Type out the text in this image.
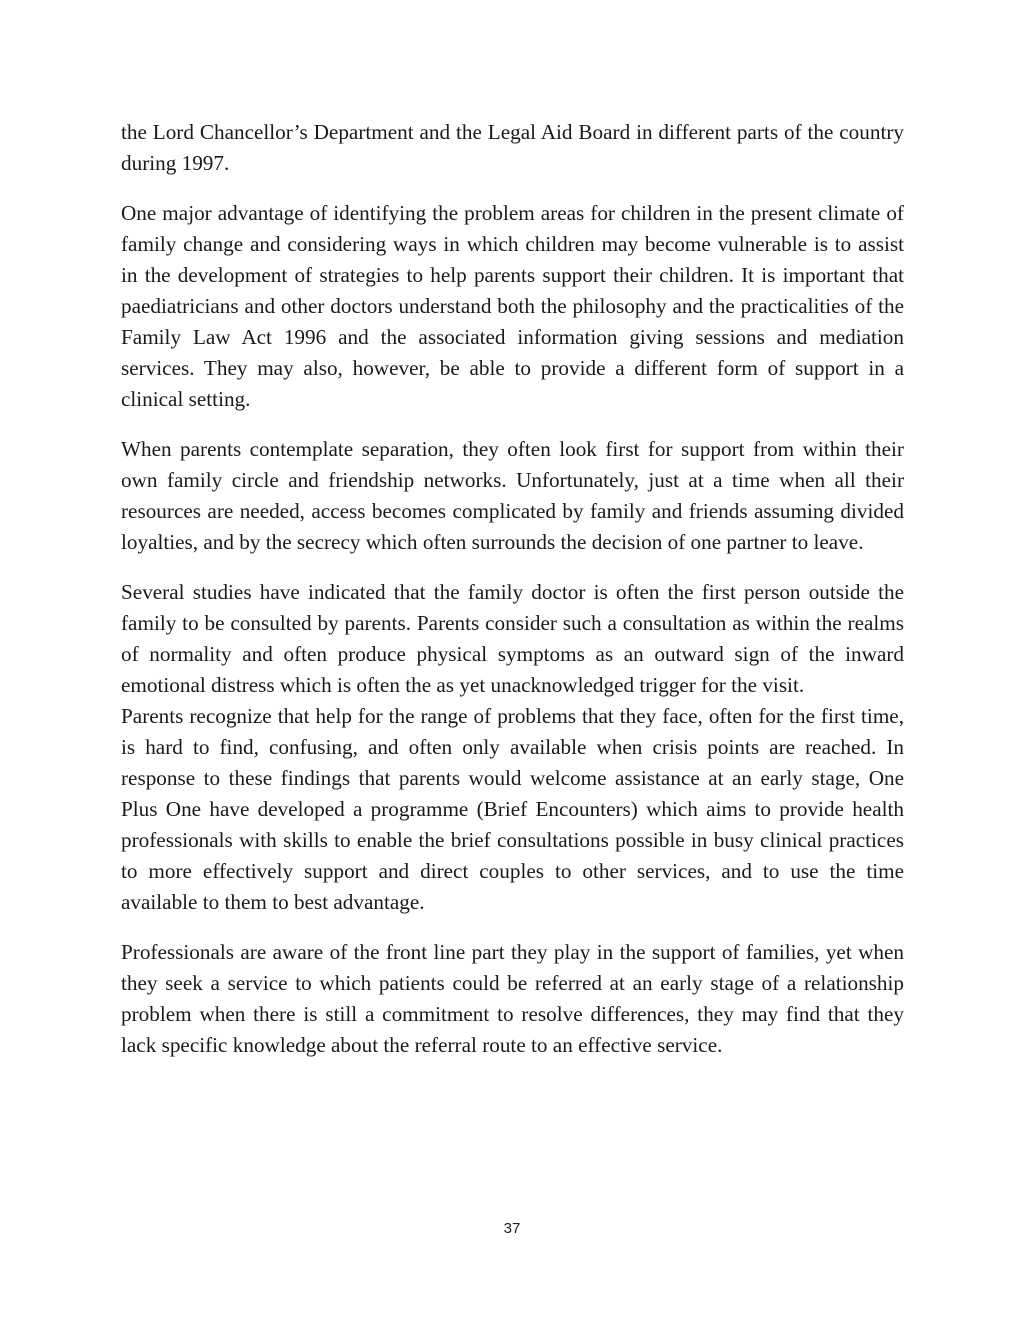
the Lord Chancellor’s Department and the Legal Aid Board in different parts of the country during 1997.

One major advantage of identifying the problem areas for children in the present climate of family change and considering ways in which children may become vulnerable is to assist in the development of strategies to help parents support their children. It is important that paediatricians and other doctors understand both the philosophy and the practicalities of the Family Law Act 1996 and the associated information giving sessions and mediation services. They may also, however, be able to provide a different form of support in a clinical setting.

When parents contemplate separation, they often look first for support from within their own family circle and friendship networks. Unfortunately, just at a time when all their resources are needed, access becomes complicated by family and friends assuming divided loyalties, and by the secrecy which often surrounds the decision of one partner to leave.

Several studies have indicated that the family doctor is often the first person outside the family to be consulted by parents. Parents consider such a consultation as within the realms of normality and often produce physical symptoms as an outward sign of the inward emotional distress which is often the as yet unacknowledged trigger for the visit.

Parents recognize that help for the range of problems that they face, often for the first time, is hard to find, confusing, and often only available when crisis points are reached. In response to these findings that parents would welcome assistance at an early stage, One Plus One have developed a programme (Brief Encounters) which aims to provide health professionals with skills to enable the brief consultations possible in busy clinical practices to more effectively support and direct couples to other services, and to use the time available to them to best advantage.

Professionals are aware of the front line part they play in the support of families, yet when they seek a service to which patients could be referred at an early stage of a relationship problem when there is still a commitment to resolve differences, they may find that they lack specific knowledge about the referral route to an effective service.

37
